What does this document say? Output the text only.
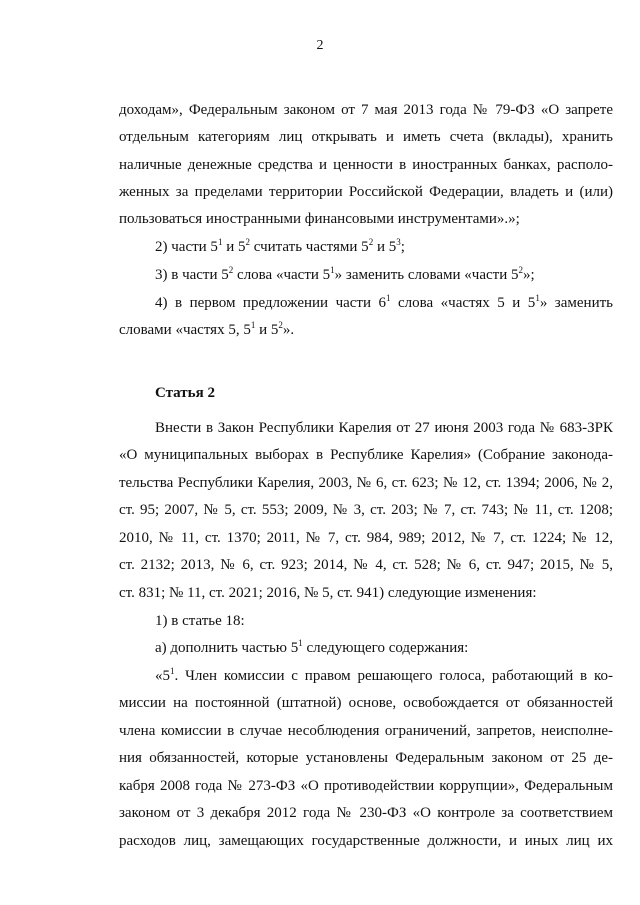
2
доходам», Федеральным законом от 7 мая 2013 года № 79-ФЗ «О запрете
отдельным категориям лиц открывать и иметь счета (вклады), хранить
наличные денежные средства и ценности в иностранных банках, располо-
женных за пределами территории Российской Федерации, владеть и (или)
пользоваться иностранными финансовыми инструментами».»;
2) части $5^1$ и $5^2$ считать частями $5^2$ и $5^3$;
3) в части $5^2$ слова «части $5^1$» заменить словами «части $5^2$»;
4) в первом предложении части $6^1$ слова «частях 5 и $5^1$» заменить
словами «частях 5, $5^1$ и $5^2$».
Статья 2
Внести в Закон Республики Карелия от 27 июня 2003 года № 683-ЗРК
«О муниципальных выборах в Республике Карелия» (Собрание законода-
тельства Республики Карелия, 2003, № 6, ст. 623; № 12, ст. 1394; 2006, № 2,
ст. 95; 2007, № 5, ст. 553; 2009, № 3, ст. 203; № 7, ст. 743; № 11, ст. 1208;
2010, № 11, ст. 1370; 2011, № 7, ст. 984, 989; 2012, № 7, ст. 1224; № 12,
ст. 2132; 2013, № 6, ст. 923; 2014, № 4, ст. 528; № 6, ст. 947; 2015, № 5,
ст. 831; № 11, ст. 2021; 2016, № 5, ст. 941) следующие изменения:
1) в статье 18:
а) дополнить частью $5^1$ следующего содержания:
«$5^1$. Член комиссии с правом решающего голоса, работающий в ко-
миссии на постоянной (штатной) основе, освобождается от обязанностей
члена комиссии в случае несоблюдения ограничений, запретов, неисполне-
ния обязанностей, которые установлены Федеральным законом от 25 де-
кабря 2008 года № 273-ФЗ «О противодействии коррупции», Федеральным
законом от 3 декабря 2012 года № 230-ФЗ «О контроле за соответствием
расходов лиц, замещающих государственные должности, и иных лиц их
